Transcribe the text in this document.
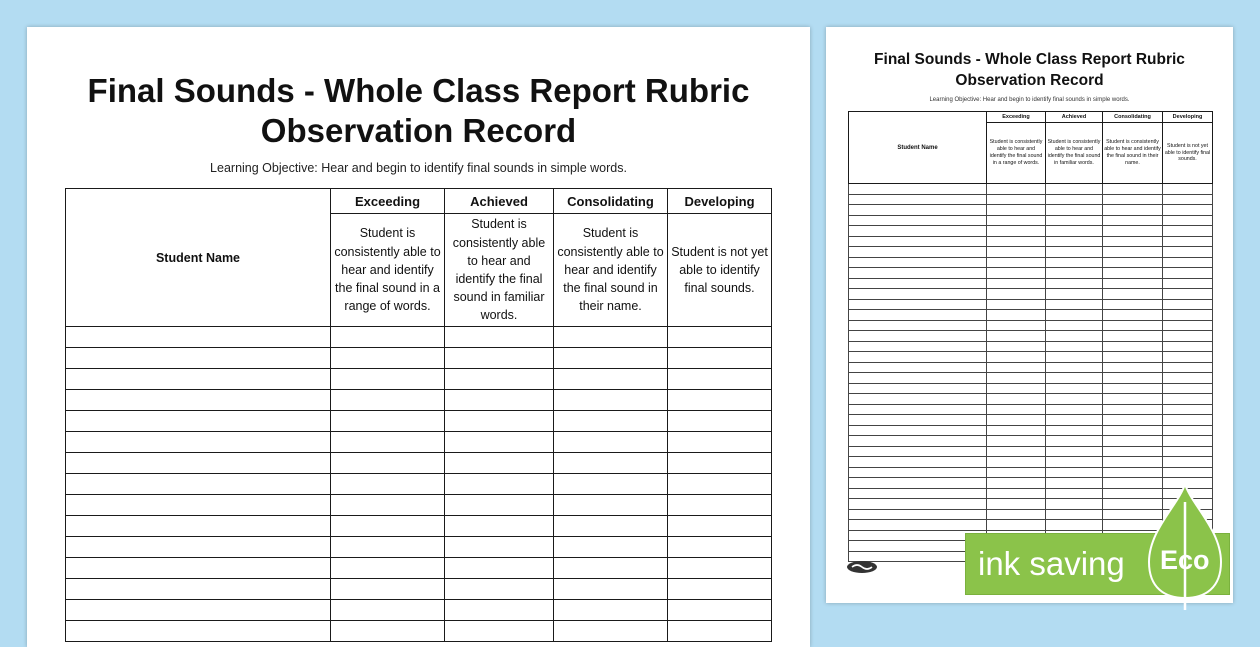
Final Sounds - Whole Class Report Rubric Observation Record
Learning Objective: Hear and begin to identify final sounds in simple words.
Student Name	Exceeding	Achieved	Consolidating	Developing
	Student is consistently able to hear and identify the final sound in a range of words.	Student is consistently able to hear and identify the final sound in familiar words.	Student is consistently able to hear and identify the final sound in their name.	Student is not yet able to identify final sounds.

Final Sounds - Whole Class Report Rubric Observation Record
Learning Objective: Hear and begin to identify final sounds in simple words.
Student Name	Exceeding	Achieved	Consolidating	Developing
	Student is consistently able to hear and identify the final sound in a range of words.	Student is consistently able to hear and identify the final sound in familiar words.	Student is consistently able to hear and identify the final sound in their name.	Student is not yet able to identify final sounds.

ink saving Eco
